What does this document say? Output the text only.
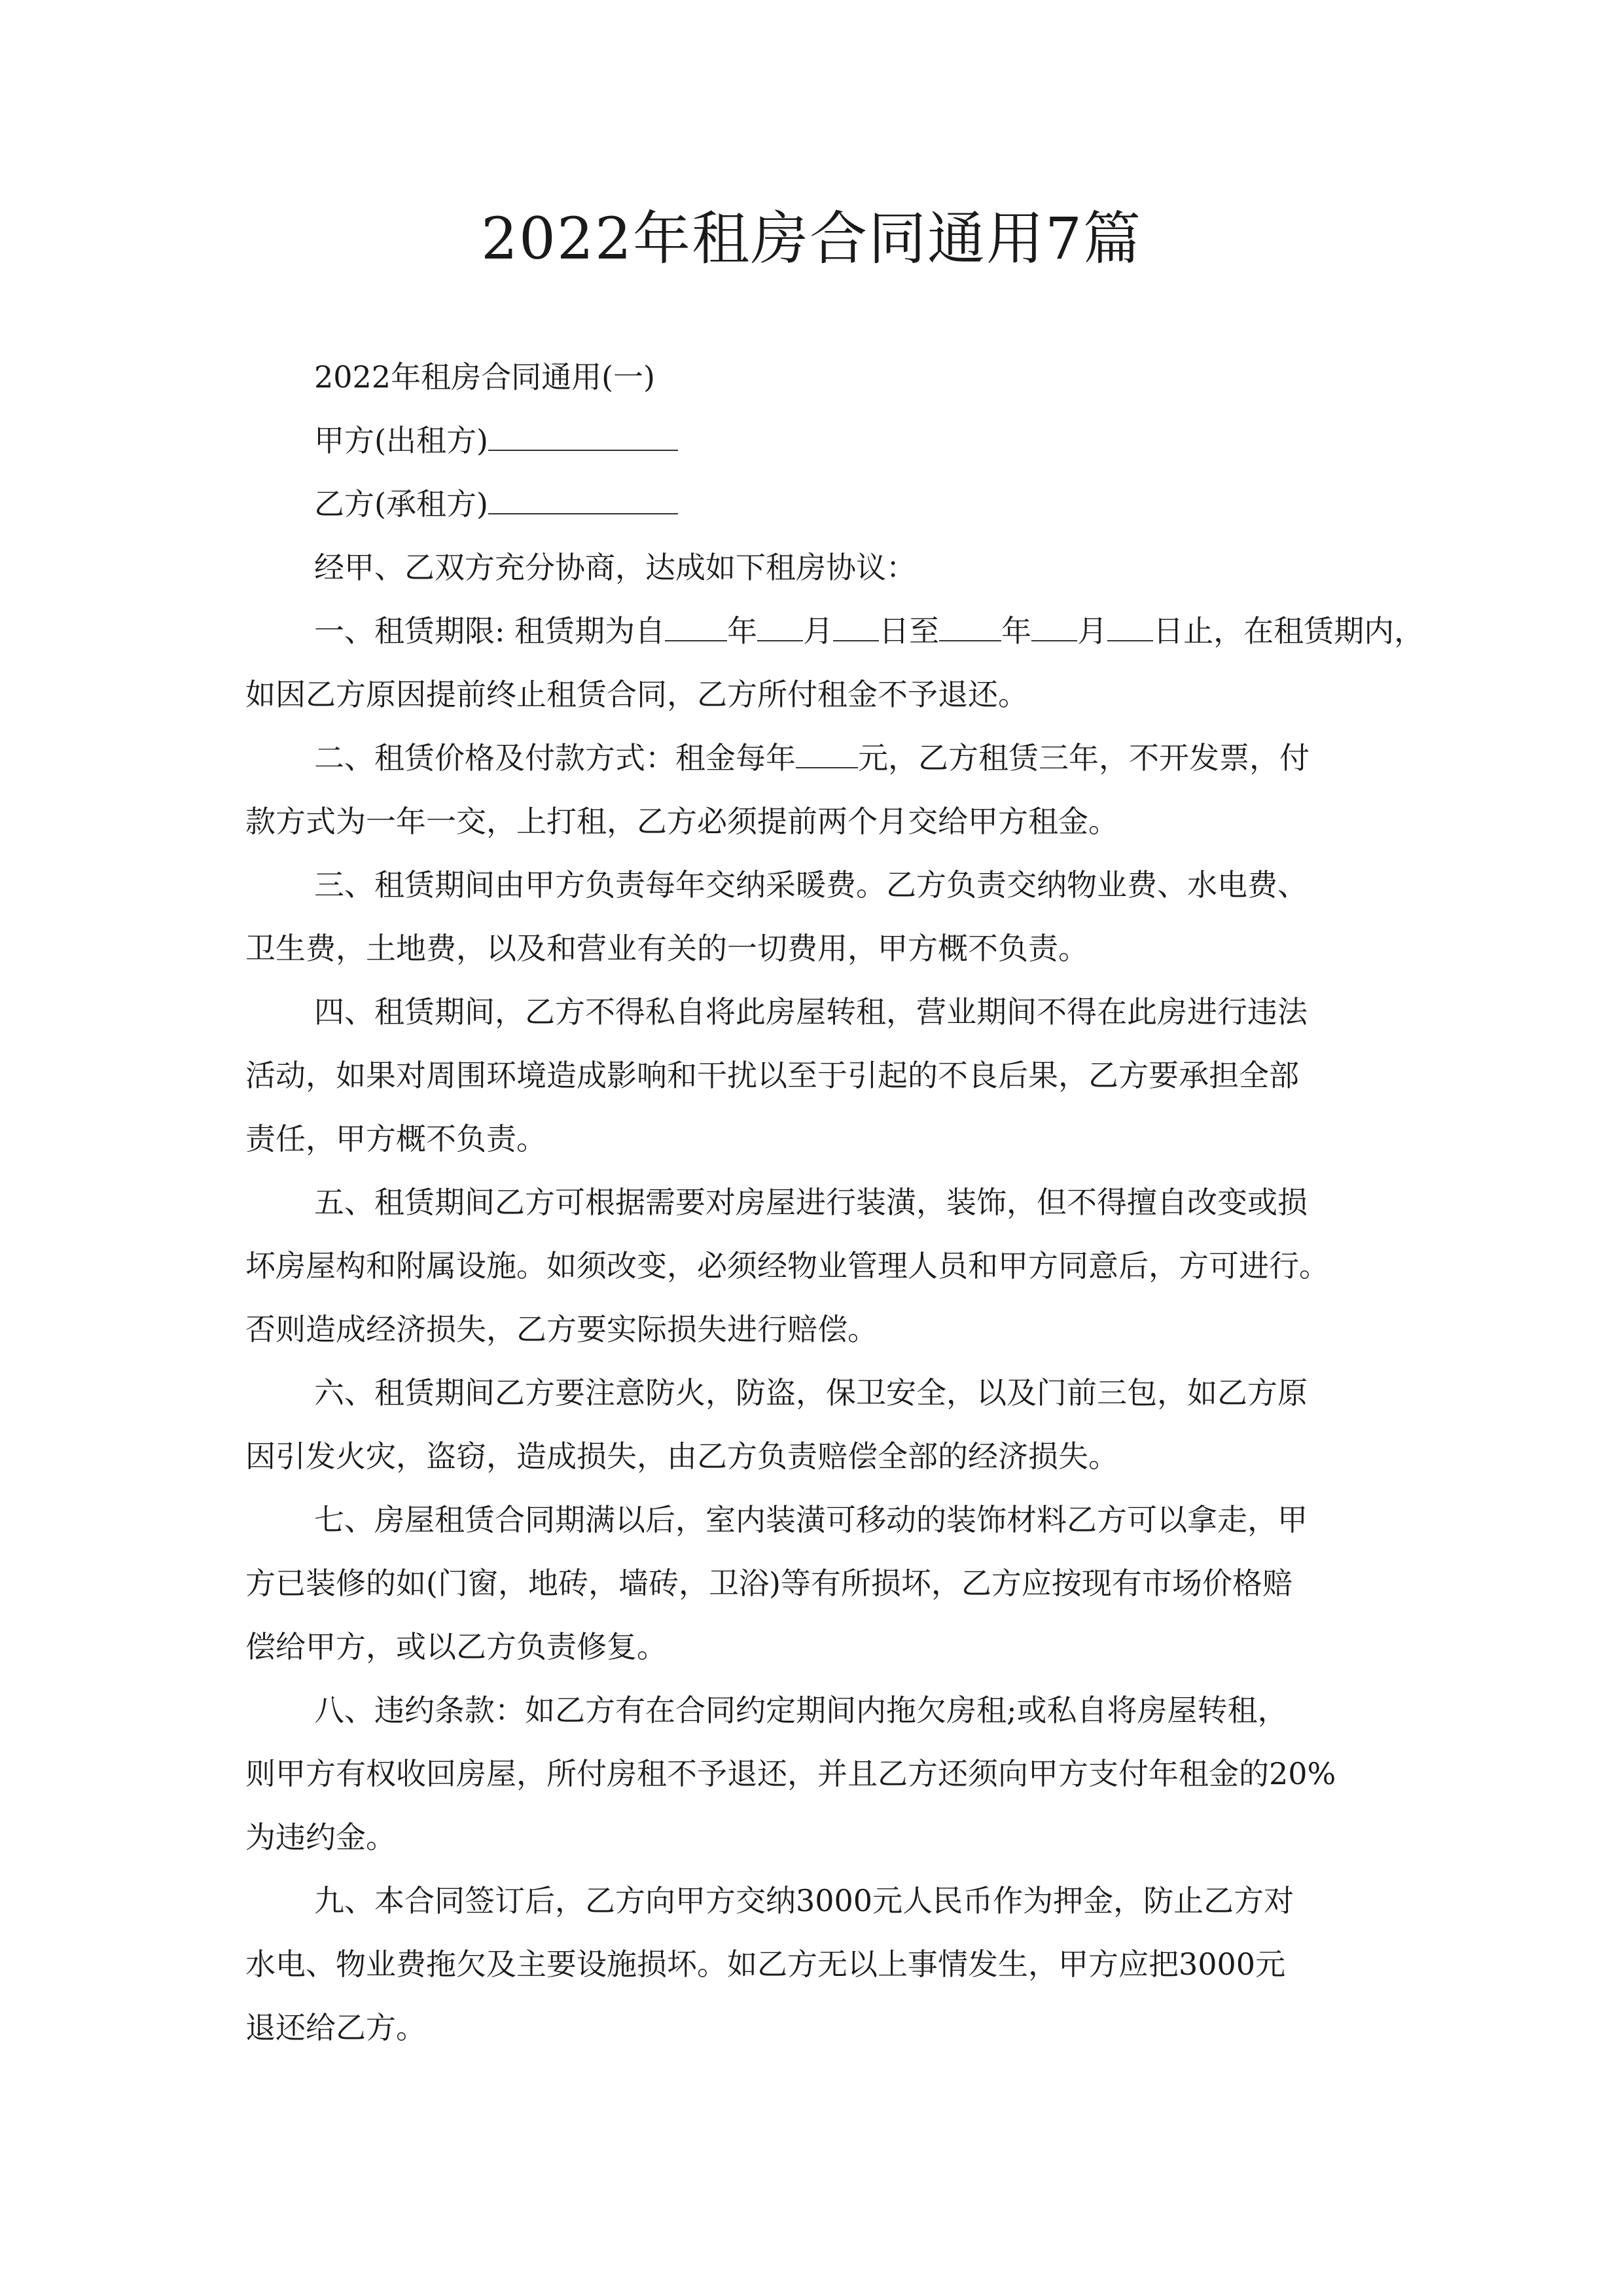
2022年租房合同通用7篇
2022年租房合同通用(一)
甲方(出租方)
乙方(承租方)
经甲、乙双方充分协商，达成如下租房协议：
一、租赁期限: 租赁期为自 年 月 日至 年 月 日止，在租赁期内，
如因乙方原因提前终止租赁合同，乙方所付租金不予退还。
二、租赁价格及付款方式：租金每年 元，乙方租赁三年，不开发票，付
款方式为一年一交，上打租，乙方必须提前两个月交给甲方租金。
三、租赁期间由甲方负责每年交纳采暖费。乙方负责交纳物业费、水电费、
卫生费，土地费，以及和营业有关的一切费用，甲方概不负责。
四、租赁期间，乙方不得私自将此房屋转租，营业期间不得在此房进行违法
活动，如果对周围环境造成影响和干扰以至于引起的不良后果，乙方要承担全部
责任，甲方概不负责。
五、租赁期间乙方可根据需要对房屋进行装潢，装饰，但不得擅自改变或损
坏房屋构和附属设施。如须改变，必须经物业管理人员和甲方同意后，方可进行。
否则造成经济损失，乙方要实际损失进行赔偿。
六、租赁期间乙方要注意防火，防盗，保卫安全，以及门前三包，如乙方原
因引发火灾，盗窃，造成损失，由乙方负责赔偿全部的经济损失。
七、房屋租赁合同期满以后，室内装潢可移动的装饰材料乙方可以拿走，甲
方已装修的如(门窗，地砖，墙砖，卫浴)等有所损坏，乙方应按现有市场价格赔
偿给甲方，或以乙方负责修复。
八、违约条款：如乙方有在合同约定期间内拖欠房租;或私自将房屋转租，
则甲方有权收回房屋，所付房租不予退还，并且乙方还须向甲方支付年租金的20%
为违约金。
九、本合同签订后，乙方向甲方交纳3000元人民币作为押金，防止乙方对
水电、物业费拖欠及主要设施损坏。如乙方无以上事情发生，甲方应把3000元
退还给乙方。
